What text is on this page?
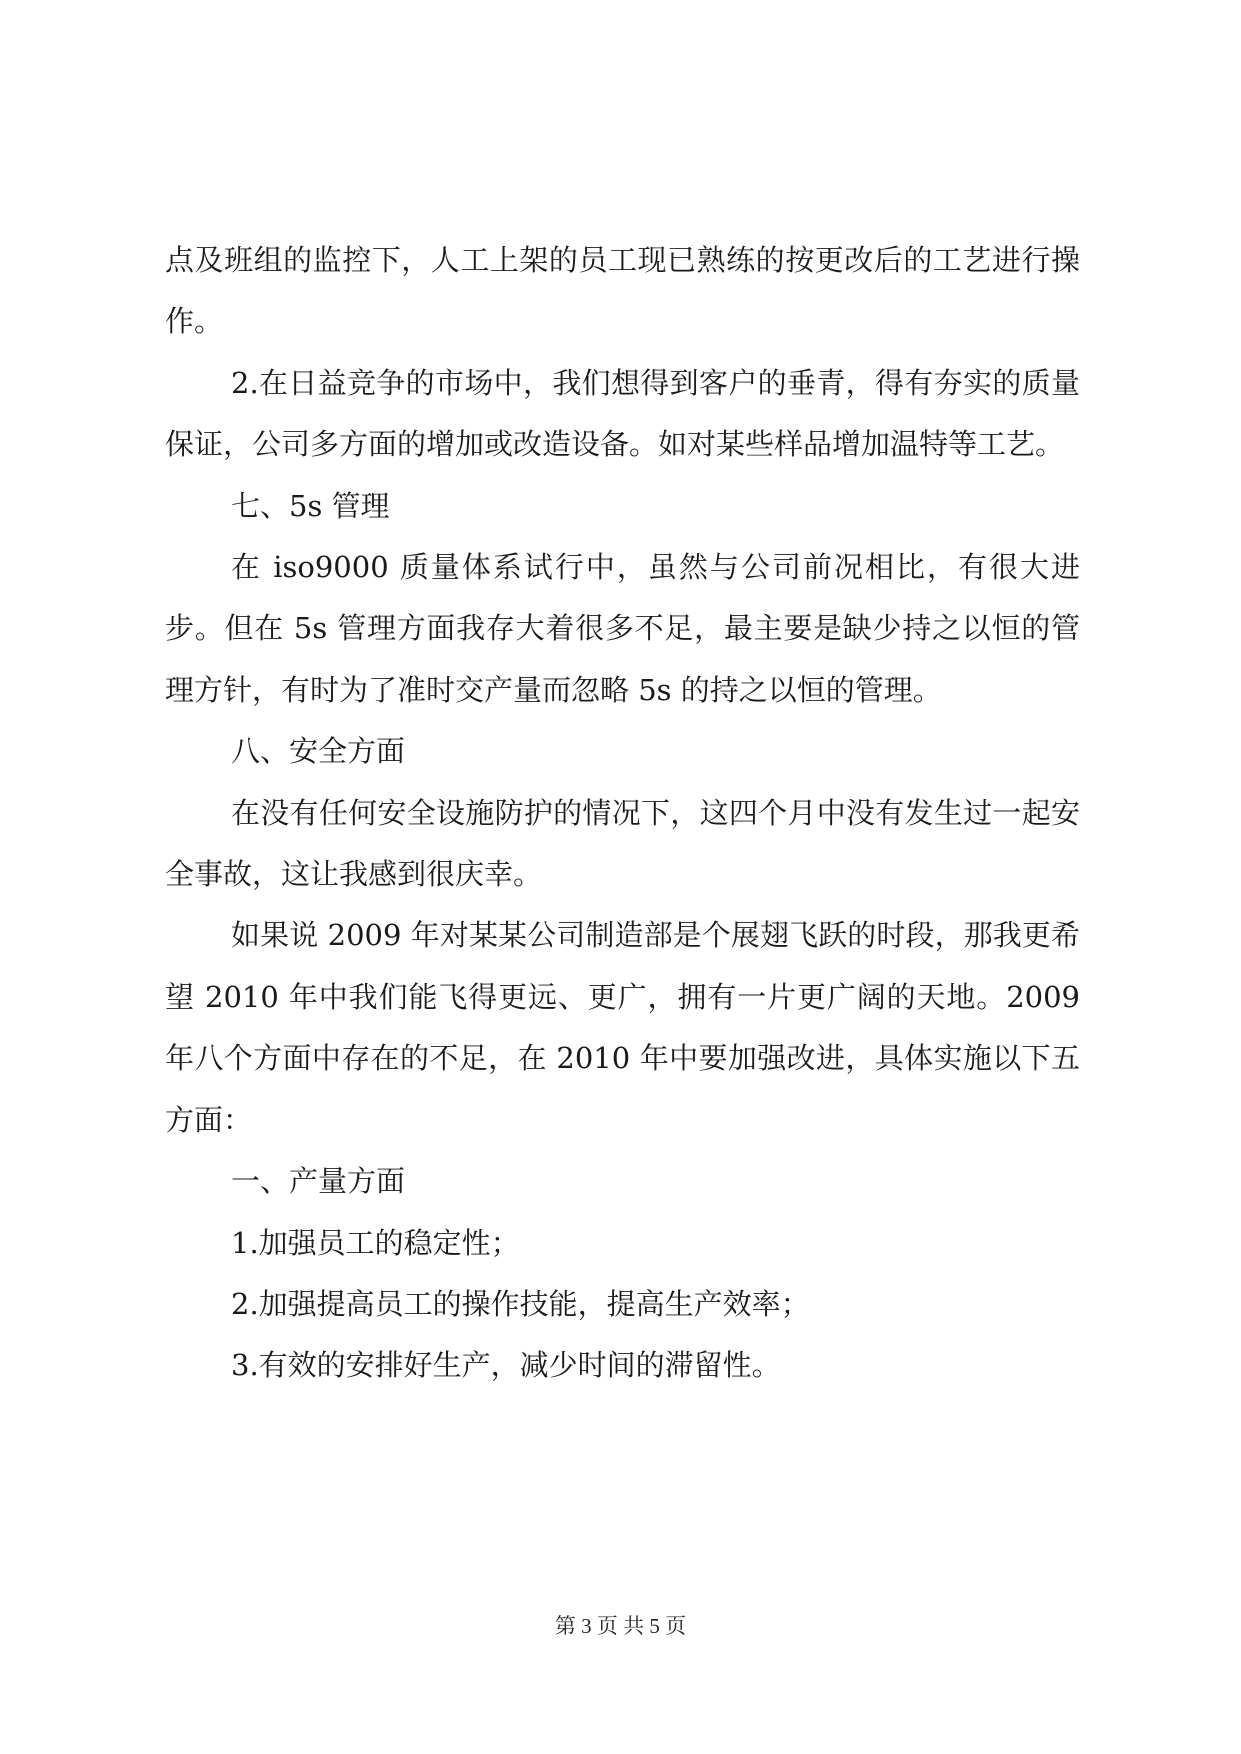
点及班组的监控下，人工上架的员工现已熟练的按更改后的工艺进行操作。

2.在日益竞争的市场中，我们想得到客户的垂青，得有夯实的质量保证，公司多方面的增加或改造设备。如对某些样品增加温特等工艺。

七、5s 管理

在 iso9000 质量体系试行中，虽然与公司前况相比，有很大进步。但在 5s 管理方面我存大着很多不足，最主要是缺少持之以恒的管理方针，有时为了准时交产量而忽略 5s 的持之以恒的管理。

八、安全方面

在没有任何安全设施防护的情况下，这四个月中没有发生过一起安全事故，这让我感到很庆幸。

如果说 2009 年对某某公司制造部是个展翅飞跃的时段，那我更希望 2010 年中我们能飞得更远、更广，拥有一片更广阔的天地。2009 年八个方面中存在的不足，在 2010 年中要加强改进，具体实施以下五方面：

一、产量方面

1.加强员工的稳定性；

2.加强提高员工的操作技能，提高生产效率；

3.有效的安排好生产，减少时间的滞留性。

第 3 页 共 5 页
